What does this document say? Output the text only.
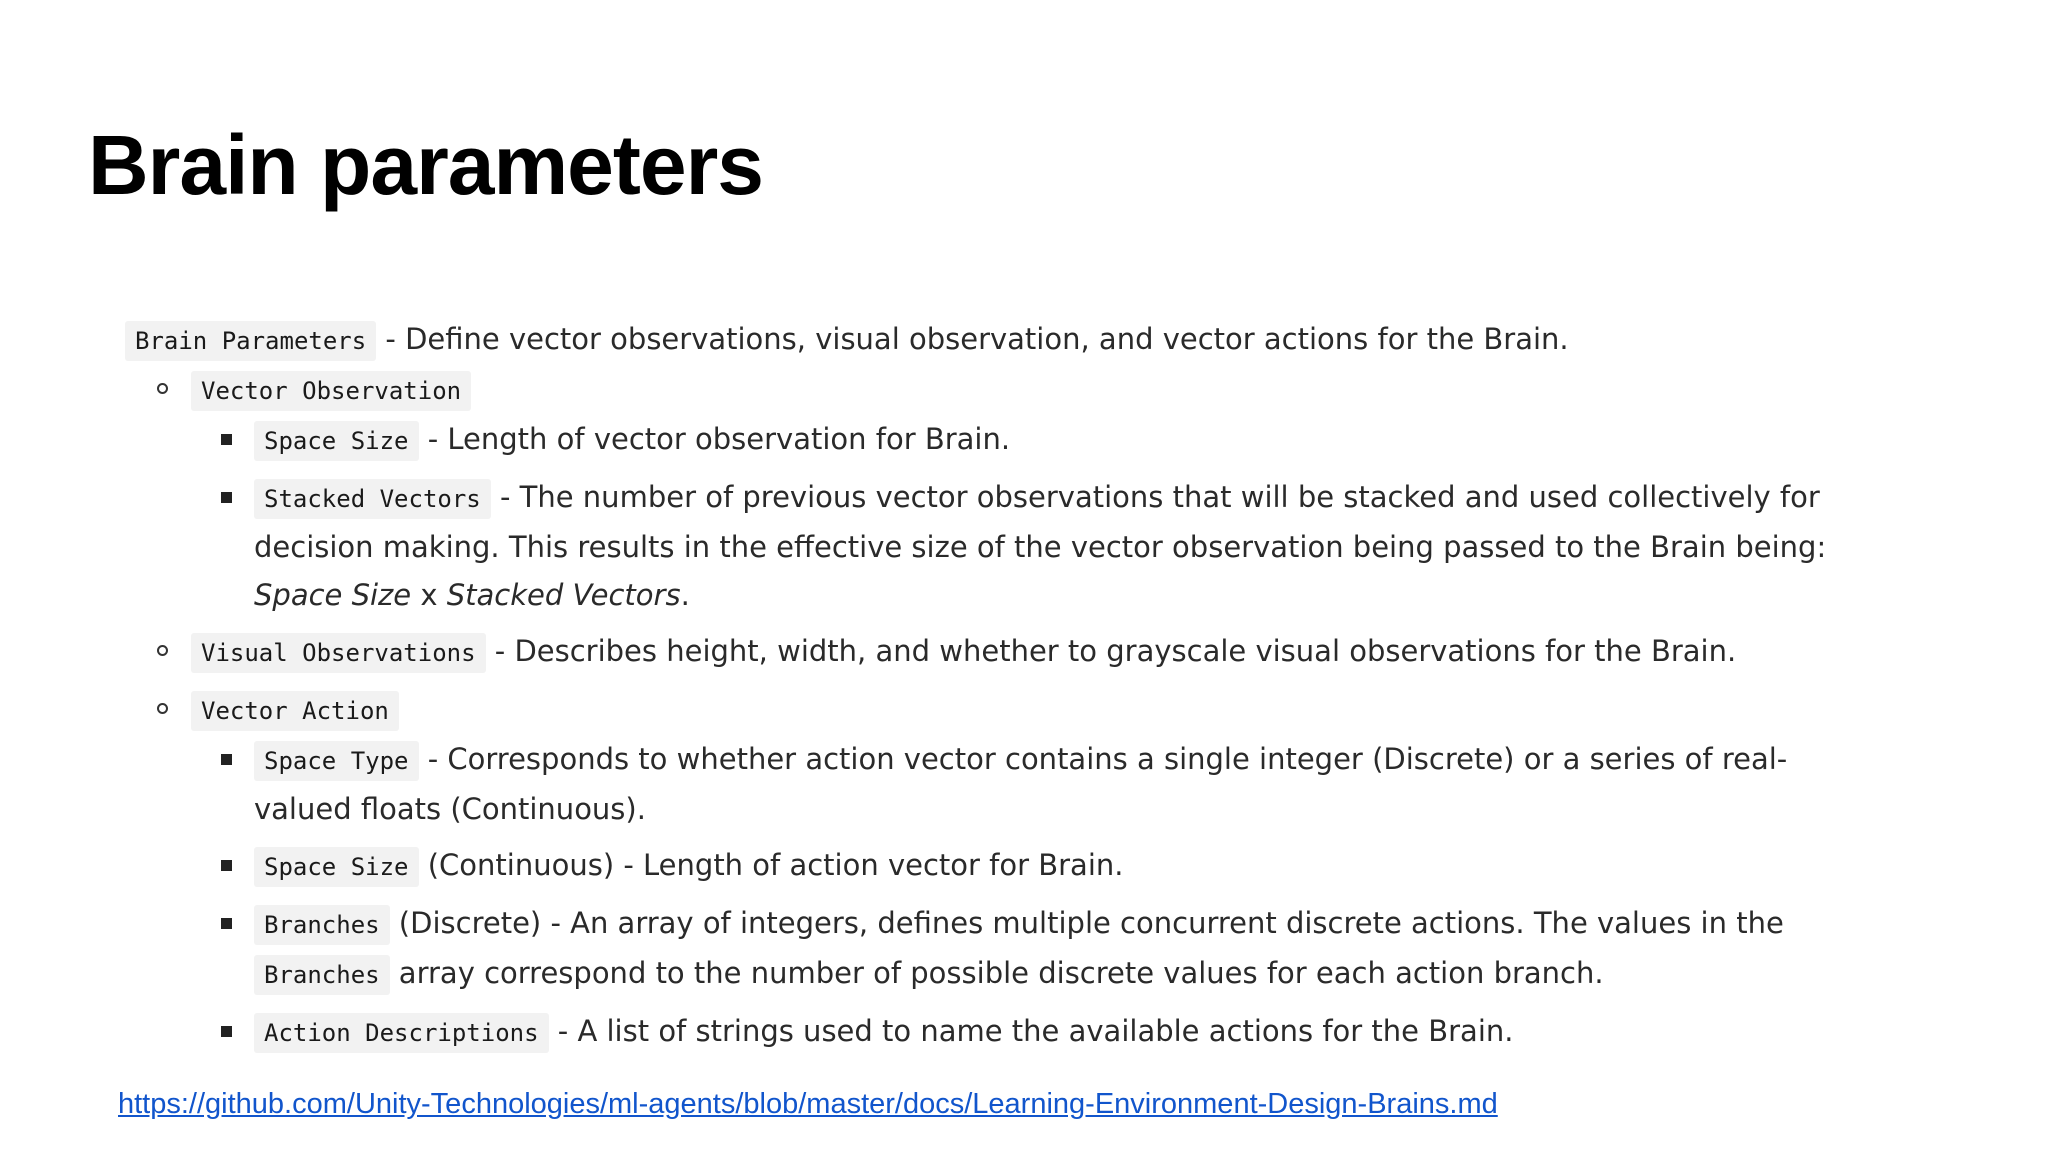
Brain parameters
Brain Parameters - Define vector observations, visual observation, and vector actions for the Brain.
Vector Observation
Space Size - Length of vector observation for Brain.
Stacked Vectors - The number of previous vector observations that will be stacked and used collectively for
decision making. This results in the effective size of the vector observation being passed to the Brain being:
Space Size x Stacked Vectors.
Visual Observations - Describes height, width, and whether to grayscale visual observations for the Brain.
Vector Action
Space Type - Corresponds to whether action vector contains a single integer (Discrete) or a series of real-
valued floats (Continuous).
Space Size (Continuous) - Length of action vector for Brain.
Branches (Discrete) - An array of integers, defines multiple concurrent discrete actions. The values in the
Branches array correspond to the number of possible discrete values for each action branch.
Action Descriptions - A list of strings used to name the available actions for the Brain.
https://github.com/Unity-Technologies/ml-agents/blob/master/docs/Learning-Environment-Design-Brains.md
